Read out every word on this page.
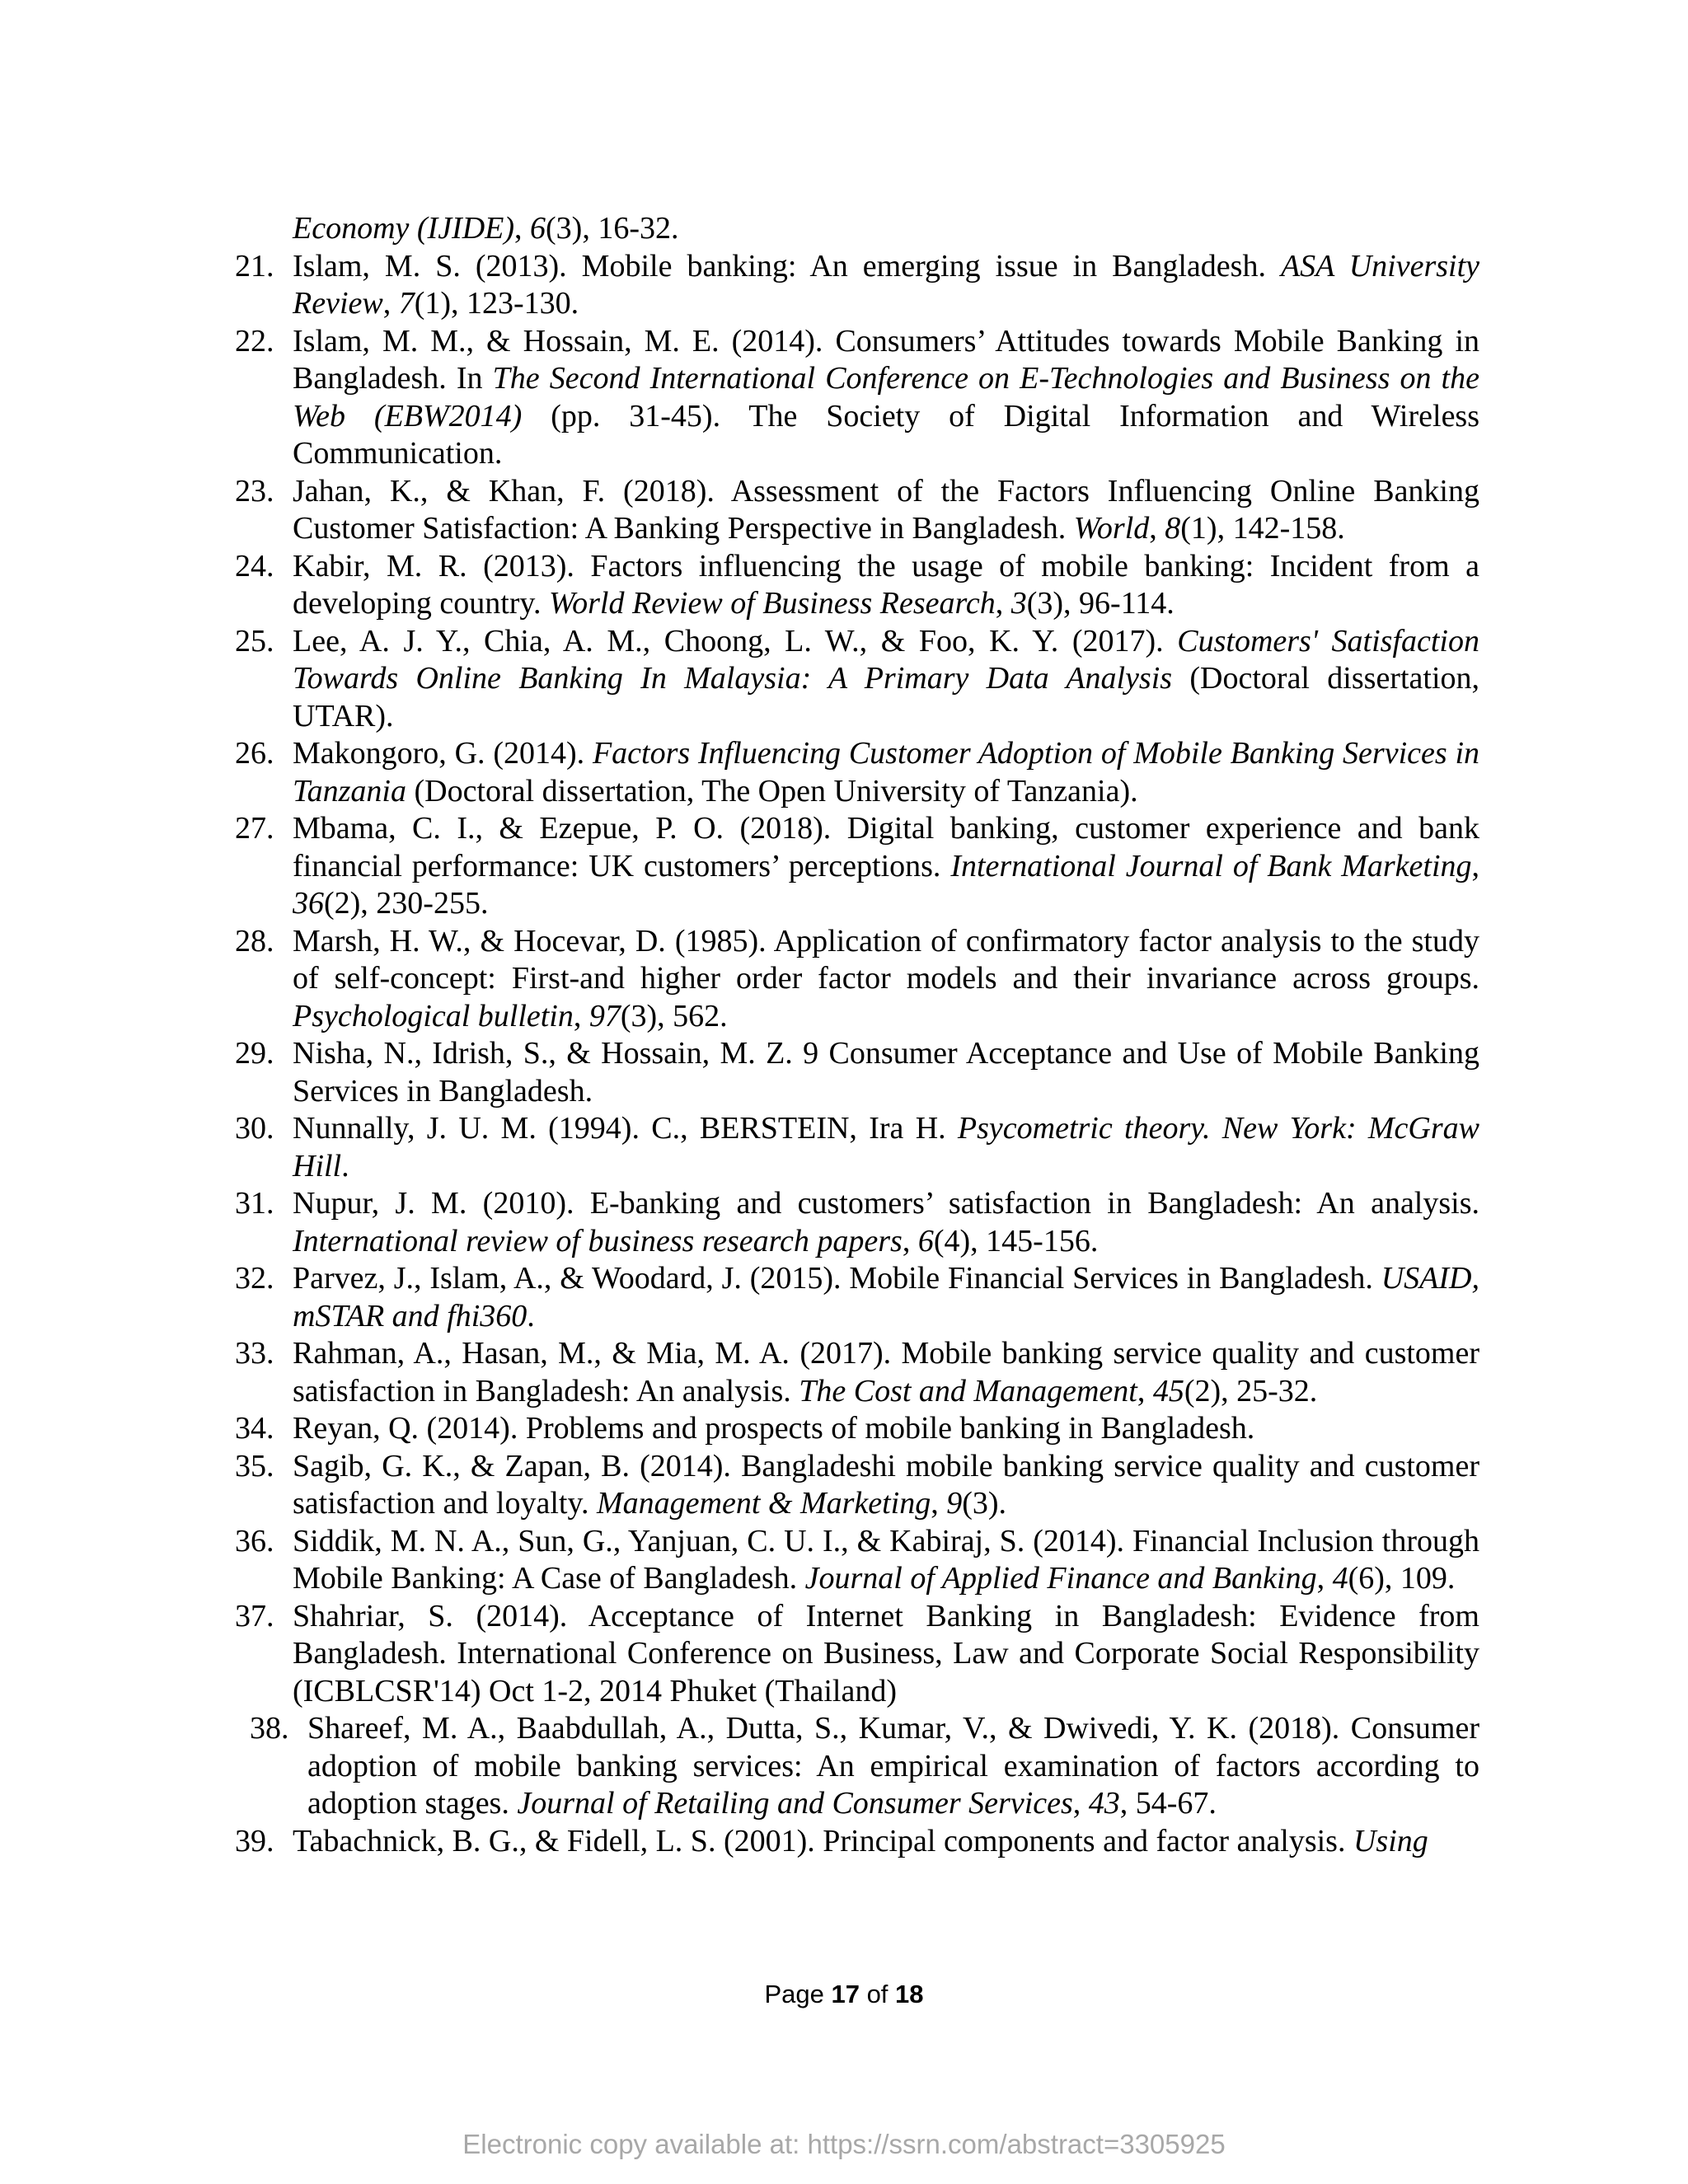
Economy (IJIDE), 6(3), 16-32.
21. Islam, M. S. (2013). Mobile banking: An emerging issue in Bangladesh. ASA University Review, 7(1), 123-130.
22. Islam, M. M., & Hossain, M. E. (2014). Consumers’ Attitudes towards Mobile Banking in Bangladesh. In The Second International Conference on E-Technologies and Business on the Web (EBW2014) (pp. 31-45). The Society of Digital Information and Wireless Communication.
23. Jahan, K., & Khan, F. (2018). Assessment of the Factors Influencing Online Banking Customer Satisfaction: A Banking Perspective in Bangladesh. World, 8(1), 142-158.
24. Kabir, M. R. (2013). Factors influencing the usage of mobile banking: Incident from a developing country. World Review of Business Research, 3(3), 96-114.
25. Lee, A. J. Y., Chia, A. M., Choong, L. W., & Foo, K. Y. (2017). Customers' Satisfaction Towards Online Banking In Malaysia: A Primary Data Analysis (Doctoral dissertation, UTAR).
26. Makongoro, G. (2014). Factors Influencing Customer Adoption of Mobile Banking Services in Tanzania (Doctoral dissertation, The Open University of Tanzania).
27. Mbama, C. I., & Ezepue, P. O. (2018). Digital banking, customer experience and bank financial performance: UK customers’ perceptions. International Journal of Bank Marketing, 36(2), 230-255.
28. Marsh, H. W., & Hocevar, D. (1985). Application of confirmatory factor analysis to the study of self-concept: First-and higher order factor models and their invariance across groups. Psychological bulletin, 97(3), 562.
29. Nisha, N., Idrish, S., & Hossain, M. Z. 9 Consumer Acceptance and Use of Mobile Banking Services in Bangladesh.
30. Nunnally, J. U. M. (1994). C., BERSTEIN, Ira H. Psycometric theory. New York: McGraw Hill.
31. Nupur, J. M. (2010). E-banking and customers’ satisfaction in Bangladesh: An analysis. International review of business research papers, 6(4), 145-156.
32. Parvez, J., Islam, A., & Woodard, J. (2015). Mobile Financial Services in Bangladesh. USAID, mSTAR and fhi360.
33. Rahman, A., Hasan, M., & Mia, M. A. (2017). Mobile banking service quality and customer satisfaction in Bangladesh: An analysis. The Cost and Management, 45(2), 25-32.
34. Reyan, Q. (2014). Problems and prospects of mobile banking in Bangladesh.
35. Sagib, G. K., & Zapan, B. (2014). Bangladeshi mobile banking service quality and customer satisfaction and loyalty. Management & Marketing, 9(3).
36. Siddik, M. N. A., Sun, G., Yanjuan, C. U. I., & Kabiraj, S. (2014). Financial Inclusion through Mobile Banking: A Case of Bangladesh. Journal of Applied Finance and Banking, 4(6), 109.
37. Shahriar, S. (2014). Acceptance of Internet Banking in Bangladesh: Evidence from Bangladesh. International Conference on Business, Law and Corporate Social Responsibility (ICBLCSR'14) Oct 1-2, 2014 Phuket (Thailand)
38. Shareef, M. A., Baabdullah, A., Dutta, S., Kumar, V., & Dwivedi, Y. K. (2018). Consumer adoption of mobile banking services: An empirical examination of factors according to adoption stages. Journal of Retailing and Consumer Services, 43, 54-67.
39. Tabachnick, B. G., & Fidell, L. S. (2001). Principal components and factor analysis. Using
Page 17 of 18
Electronic copy available at: https://ssrn.com/abstract=3305925
